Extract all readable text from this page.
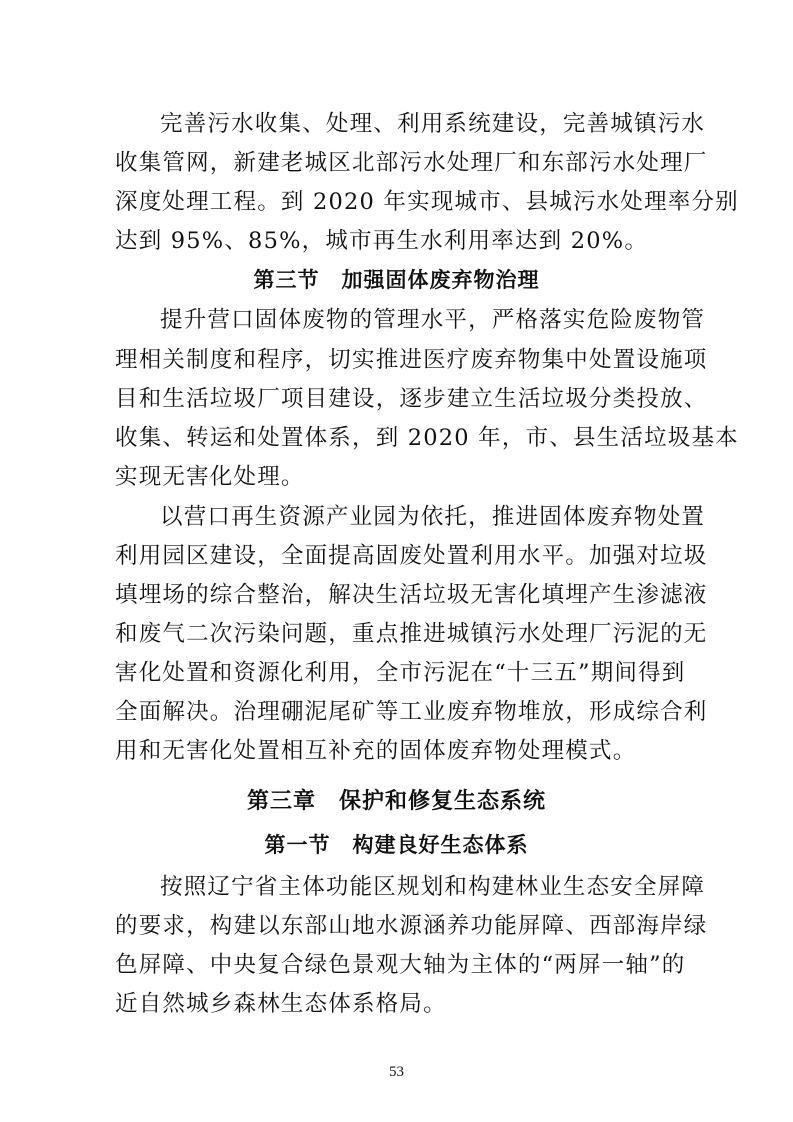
完善污水收集、处理、利用系统建设，完善城镇污水
收集管网，新建老城区北部污水处理厂和东部污水处理厂
深度处理工程。到 2020 年实现城市、县城污水处理率分别
达到 95%、85%，城市再生水利用率达到 20%。
第三节　加强固体废弃物治理
提升营口固体废物的管理水平，严格落实危险废物管
理相关制度和程序，切实推进医疗废弃物集中处置设施项
目和生活垃圾厂项目建设，逐步建立生活垃圾分类投放、
收集、转运和处置体系，到 2020 年，市、县生活垃圾基本
实现无害化处理。
以营口再生资源产业园为依托，推进固体废弃物处置
利用园区建设，全面提高固废处置利用水平。加强对垃圾
填埋场的综合整治，解决生活垃圾无害化填埋产生渗滤液
和废气二次污染问题，重点推进城镇污水处理厂污泥的无
害化处置和资源化利用，全市污泥在“十三五”期间得到
全面解决。治理硼泥尾矿等工业废弃物堆放，形成综合利
用和无害化处置相互补充的固体废弃物处理模式。
第三章　保护和修复生态系统
第一节　构建良好生态体系
按照辽宁省主体功能区规划和构建林业生态安全屏障
的要求，构建以东部山地水源涵养功能屏障、西部海岸绿
色屏障、中央复合绿色景观大轴为主体的“两屏一轴”的
近自然城乡森林生态体系格局。
53
